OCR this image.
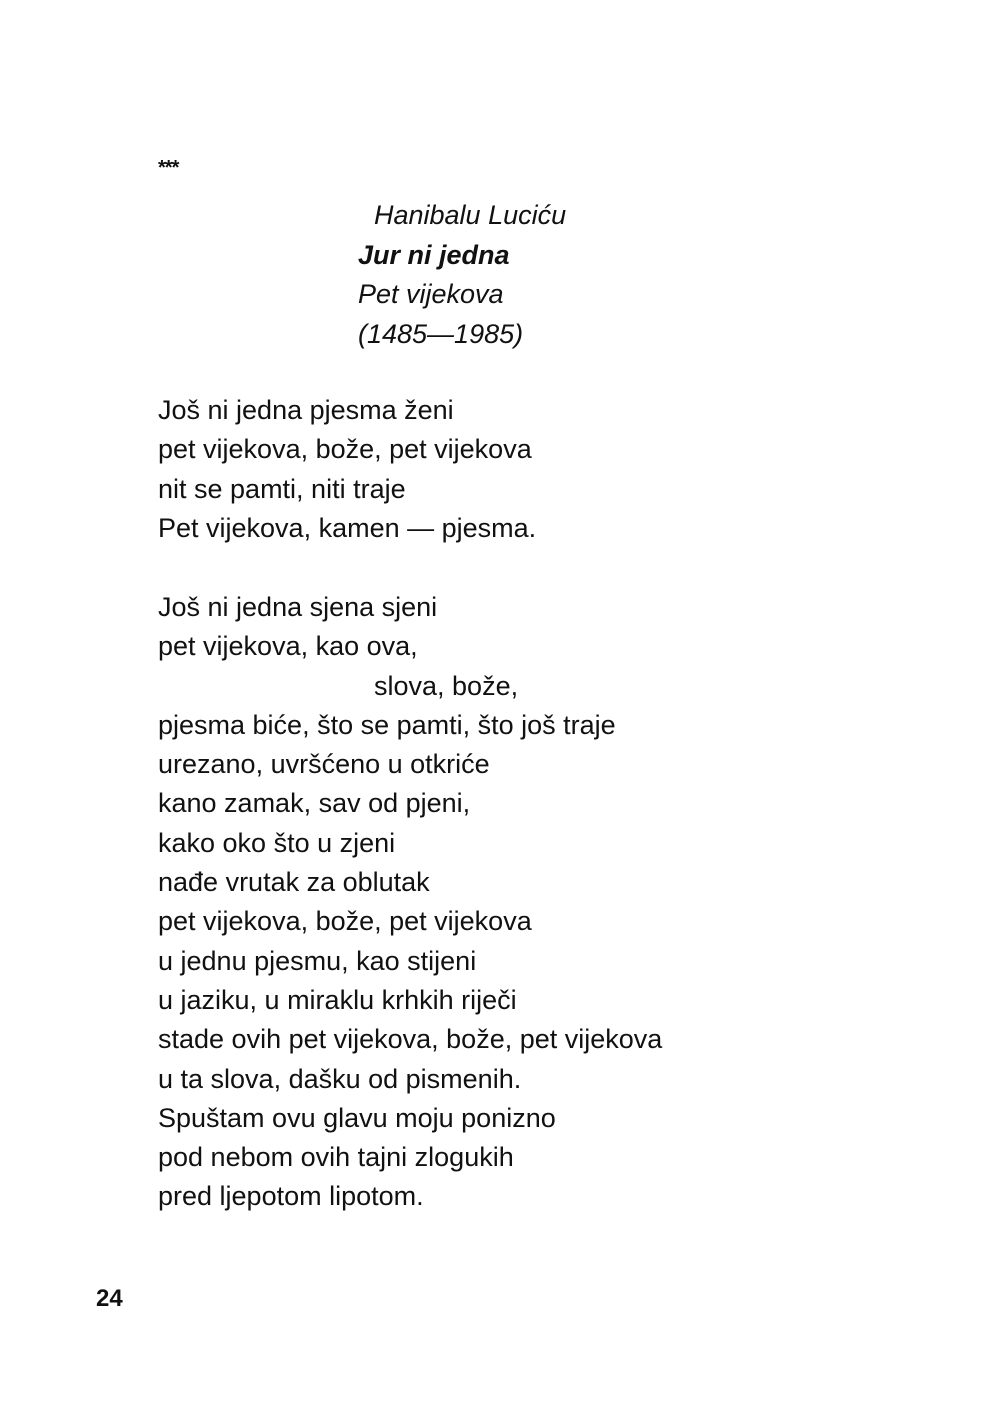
***
Hanibalu Luciću
Jur ni jedna
Pet vijekova
(1485—1985)
Još ni jedna pjesma ženi
pet vijekova, bože, pet vijekova
nit se pamti, niti traje
Pet vijekova, kamen — pjesma.
Još ni jedna sjena sjeni
pet vijekova, kao ova,
slova, bože,
pjesma biće, što se pamti, što još traje
urezano, uvršćeno u otkriće
kano zamak, sav od pjeni,
kako oko što u zjeni
nađe vrutak za oblutak
pet vijekova, bože, pet vijekova
u jednu pjesmu, kao stijeni
u jaziku, u miraklu krhkih riječi
stade ovih pet vijekova, bože, pet vijekova
u ta slova, dašku od pismenih.
Spuštam ovu glavu moju ponizno
pod nebom ovih tajni zlogukih
pred ljepotom lipotom.
24
